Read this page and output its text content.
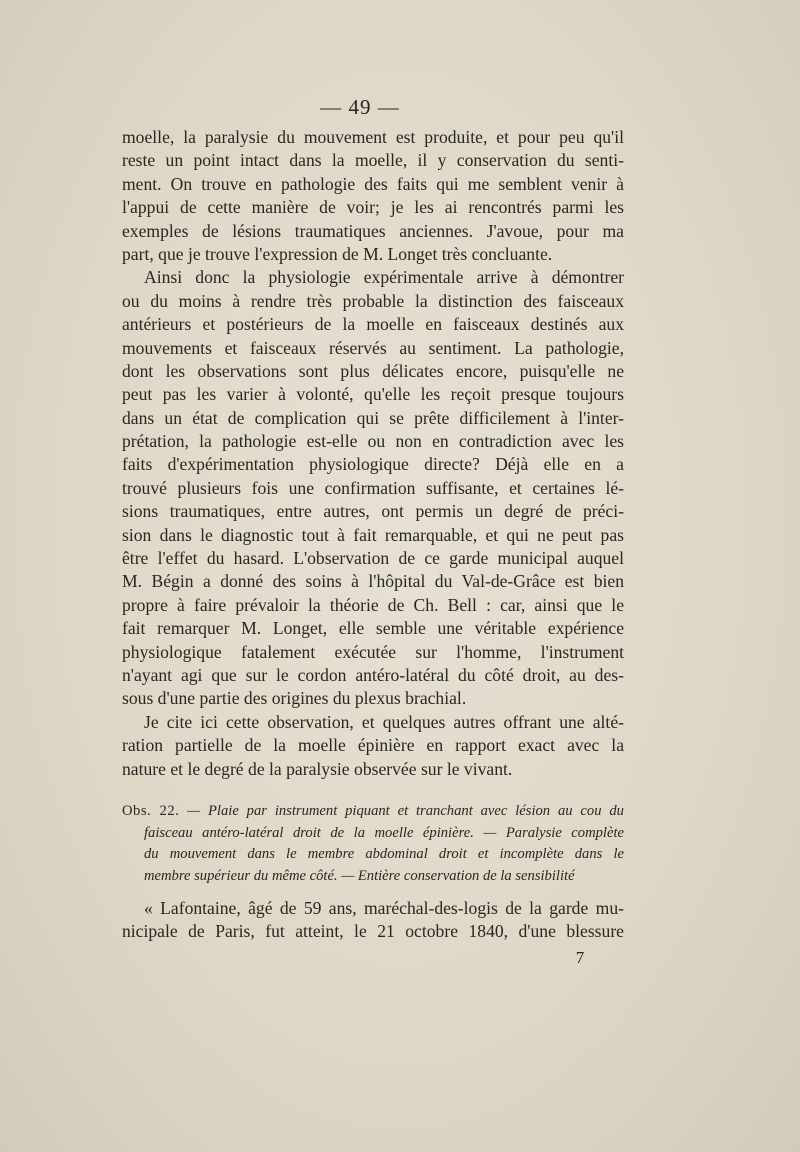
— 49 —
moelle, la paralysie du mouvement est produite, et pour peu qu'il
reste un point intact dans la moelle, il y conservation du senti-
ment. On trouve en pathologie des faits qui me semblent venir à
l'appui de cette manière de voir; je les ai rencontrés parmi les
exemples de lésions traumatiques anciennes. J'avoue, pour ma
part, que je trouve l'expression de M. Longet très concluante.
Ainsi donc la physiologie expérimentale arrive à démontrer
ou du moins à rendre très probable la distinction des faisceaux
antérieurs et postérieurs de la moelle en faisceaux destinés aux
mouvements et faisceaux réservés au sentiment. La pathologie,
dont les observations sont plus délicates encore, puisqu'elle ne
peut pas les varier à volonté, qu'elle les reçoit presque toujours
dans un état de complication qui se prête difficilement à l'inter-
prétation, la pathologie est-elle ou non en contradiction avec les
faits d'expérimentation physiologique directe? Déjà elle en a
trouvé plusieurs fois une confirmation suffisante, et certaines lé-
sions traumatiques, entre autres, ont permis un degré de préci-
sion dans le diagnostic tout à fait remarquable, et qui ne peut pas
être l'effet du hasard. L'observation de ce garde municipal auquel
M. Bégin a donné des soins à l'hôpital du Val-de-Grâce est bien
propre à faire prévaloir la théorie de Ch. Bell : car, ainsi que le
fait remarquer M. Longet, elle semble une véritable expérience
physiologique fatalement exécutée sur l'homme, l'instrument
n'ayant agi que sur le cordon antéro-latéral du côté droit, au des-
sous d'une partie des origines du plexus brachial.
Je cite ici cette observation, et quelques autres offrant une alté-
ration partielle de la moelle épinière en rapport exact avec la
nature et le degré de la paralysie observée sur le vivant.
Obs. 22. — Plaie par instrument piquant et tranchant avec lésion au cou du
faisceau antéro-latéral droit de la moelle épinière. — Paralysie complète
du mouvement dans le membre abdominal droit et incomplète dans le
membre supérieur du même côté. — Entière conservation de la sensibilité
« Lafontaine, âgé de 59 ans, maréchal-des-logis de la garde mu-
nicipale de Paris, fut atteint, le 21 octobre 1840, d'une blessure
7
